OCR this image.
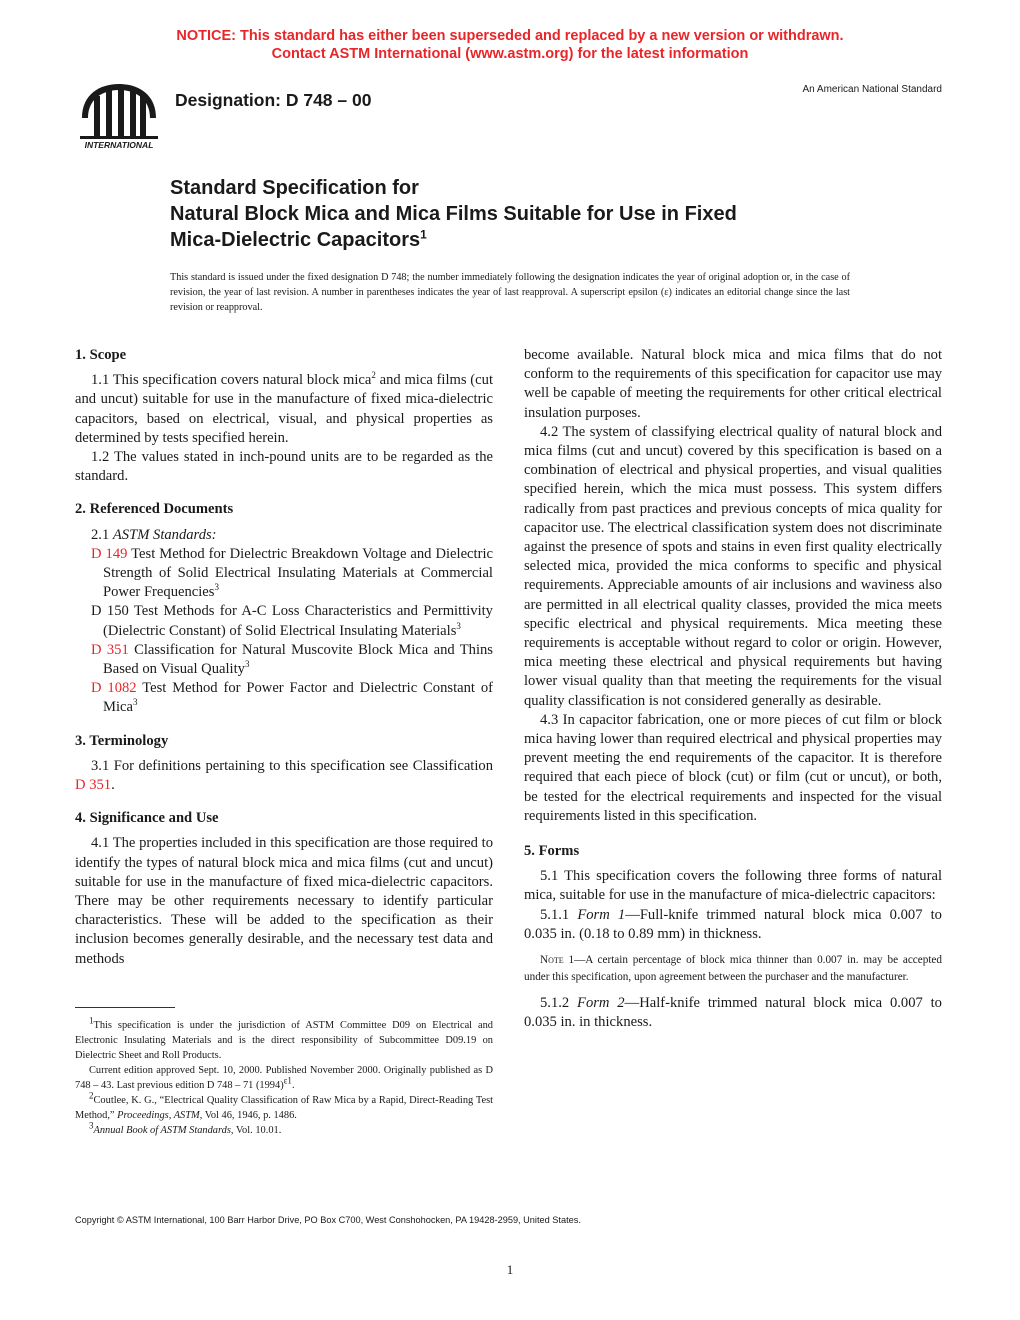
NOTICE: This standard has either been superseded and replaced by a new version or withdrawn.
Contact ASTM International (www.astm.org) for the latest information
INTERNATIONAL
Designation: D 748 – 00
An American National Standard
Standard Specification for
Natural Block Mica and Mica Films Suitable for Use in Fixed
Mica-Dielectric Capacitors$^1$
This standard is issued under the fixed designation D 748; the number immediately following the designation indicates the year of original adoption or, in the case of revision, the year of last revision. A number in parentheses indicates the year of last reapproval. A superscript epsilon (ε) indicates an editorial change since the last revision or reapproval.
1. Scope

1.1 This specification covers natural block mica$^2$ and mica films (cut and uncut) suitable for use in the manufacture of fixed mica-dielectric capacitors, based on electrical, visual, and physical properties as determined by tests specified herein.

1.2 The values stated in inch-pound units are to be regarded as the standard.

2. Referenced Documents

2.1 ASTM Standards:

D 149 Test Method for Dielectric Breakdown Voltage and Dielectric Strength of Solid Electrical Insulating Materials at Commercial Power Frequencies$^3$

D 150 Test Methods for A-C Loss Characteristics and Permittivity (Dielectric Constant) of Solid Electrical Insulating Materials$^3$

D 351 Classification for Natural Muscovite Block Mica and Thins Based on Visual Quality$^3$

D 1082 Test Method for Power Factor and Dielectric Constant of Mica$^3$

3. Terminology

3.1 For definitions pertaining to this specification see Classification D 351.

4. Significance and Use

4.1 The properties included in this specification are those required to identify the types of natural block mica and mica films (cut and uncut) suitable for use in the manufacture of fixed mica-dielectric capacitors. There may be other requirements necessary to identify particular characteristics. These will be added to the specification as their inclusion becomes generally desirable, and the necessary test data and methods

$^1$This specification is under the jurisdiction of ASTM Committee D09 on Electrical and Electronic Insulating Materials and is the direct responsibility of Subcommittee D09.19 on Dielectric Sheet and Roll Products.

Current edition approved Sept. 10, 2000. Published November 2000. Originally published as D 748 – 43. Last previous edition D 748 – 71 $(1994)^{\varepsilon 1}$.

$^2$Coutlee, K. G., “Electrical Quality Classification of Raw Mica by a Rapid, Direct-Reading Test Method,” Proceedings, ASTM, Vol 46, 1946, p. 1486.

$^3$Annual Book of ASTM Standards, Vol. 10.01.

become available. Natural block mica and mica films that do not conform to the requirements of this specification for capacitor use may well be capable of meeting the requirements for other critical electrical insulation purposes.

4.2 The system of classifying electrical quality of natural block and mica films (cut and uncut) covered by this specification is based on a combination of electrical and physical properties, and visual qualities specified herein, which the mica must possess. This system differs radically from past practices and previous concepts of mica quality for capacitor use. The electrical classification system does not discriminate against the presence of spots and stains in even first quality electrically selected mica, provided the mica conforms to specific and physical requirements. Appreciable amounts of air inclusions and waviness also are permitted in all electrical quality classes, provided the mica meets specific electrical and physical requirements. Mica meeting these requirements is acceptable without regard to color or origin. However, mica meeting these electrical and physical requirements but having lower visual quality than that meeting the requirements for the visual quality classification is not considered generally as desirable.

4.3 In capacitor fabrication, one or more pieces of cut film or block mica having lower than required electrical and physical properties may prevent meeting the end requirements of the capacitor. It is therefore required that each piece of block (cut) or film (cut or uncut), or both, be tested for the electrical requirements and inspected for the visual requirements listed in this specification.

5. Forms

5.1 This specification covers the following three forms of natural mica, suitable for use in the manufacture of mica-dielectric capacitors:

5.1.1 Form 1—Full-knife trimmed natural block mica 0.007 to 0.035 in. (0.18 to 0.89 mm) in thickness.

Note 1—A certain percentage of block mica thinner than 0.007 in. may be accepted under this specification, upon agreement between the purchaser and the manufacturer.

5.1.2 Form 2—Half-knife trimmed natural block mica 0.007 to 0.035 in. in thickness.

Copyright © ASTM International, 100 Barr Harbor Drive, PO Box C700, West Conshohocken, PA 19428-2959, United States.
1
